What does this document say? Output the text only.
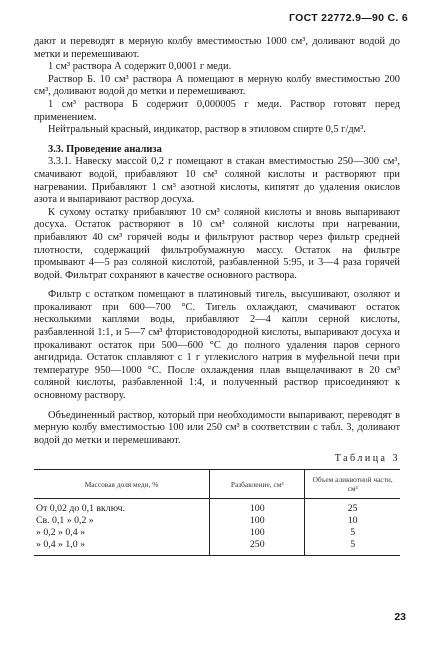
ГОСТ 22772.9—90 С. 6

дают и переводят в мерную колбу вместимостью 1000 см³, доливают водой до метки и перемешивают.

1 см³ раствора А содержит 0,0001 г меди.

Раствор Б. 10 см³ раствора А помещают в мерную колбу вместимостью 200 см³, доливают водой до метки и перемешивают.

1 см³ раствора Б содержит 0,000005 г меди. Раствор готовят перед применением.

Нейтральный красный, индикатор, раствор в этиловом спирте 0,5 г/дм³.

3.3. Проведение анализа

3.3.1. Навеску массой 0,2 г помещают в стакан вместимостью 250—300 см³, смачивают водой, прибавляют 10 см³ соляной кислоты и растворяют при нагревании. Прибавляют 1 см³ азотной кислоты, кипятят до удаления окислов азота и выпаривают раствор досуха.

К сухому остатку прибавляют 10 см³ соляной кислоты и вновь выпаривают досуха. Остаток растворяют в 10 см³ соляной кислоты при нагревании, прибавляют 40 см³ горячей воды и фильтруют раствор через фильтр средней плотности, содержащий фильтробумажную массу. Остаток на фильтре промывают 4—5 раз соляной кислотой, разбавленной 5:95, и 3—4 раза горячей водой. Фильтрат сохраняют в качестве основного раствора.

Фильтр с остатком помещают в платиновый тигель, высушивают, озоляют и прокаливают при 600—700 °С. Тигель охлаждают, смачивают остаток несколькими каплями воды, прибавляют 2—4 капли серной кислоты, разбавленной 1:1, и 5—7 см³ фтористоводородной кислоты, выпаривают досуха и прокаливают остаток при 500—600 °С до полного удаления паров серного ангидрида. Остаток сплавляют с 1 г углекислого натрия в муфельной печи при температуре 950—1000 °С. После охлаждения плав выщелачивают в 20 см³ соляной кислоты, разбавленной 1:4, и полученный раствор присоединяют к основному раствору.

Объединенный раствор, который при необходимости выпаривают, переводят в мерную колбу вместимостью 100 или 250 см³ в соответствии с табл. 3, доливают водой до метки и перемешивают.

Таблица 3
Массовая доля меди, %	Разбавление, см³	Объем аликвотной части, см³
От 0,02 до 0,1 включ.	100	25
Св. 0,1 » 0,2 »	100	10
» 0,2 » 0,4 »	100	5
» 0,4 » 1,0 »	250	5
23
